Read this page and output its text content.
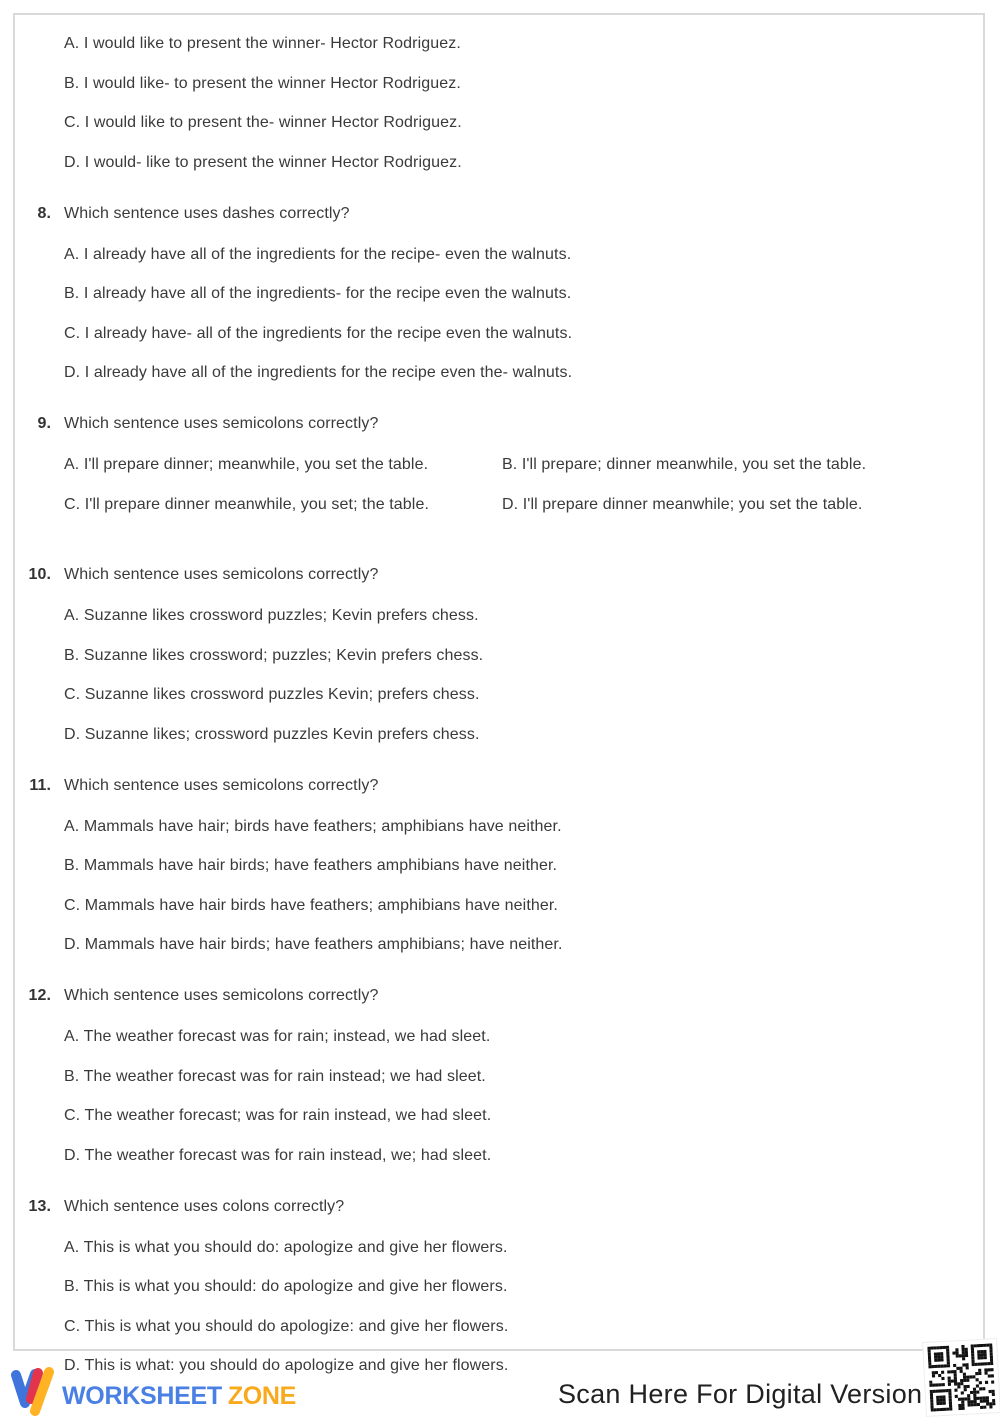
A. I would like to present the winner- Hector Rodriguez.
B. I would like- to present the winner Hector Rodriguez.
C. I would like to present the- winner Hector Rodriguez.
D. I would- like to present the winner Hector Rodriguez.
8. Which sentence uses dashes correctly?
A. I already have all of the ingredients for the recipe- even the walnuts.
B. I already have all of the ingredients- for the recipe even the walnuts.
C. I already have- all of the ingredients for the recipe even the walnuts.
D. I already have all of the ingredients for the recipe even the- walnuts.
9. Which sentence uses semicolons correctly?
A. I'll prepare dinner; meanwhile, you set the table.	B. I'll prepare; dinner meanwhile, you set the table.
C. I'll prepare dinner meanwhile, you set; the table.	D. I'll prepare dinner meanwhile; you set the table.
10. Which sentence uses semicolons correctly?
A. Suzanne likes crossword puzzles; Kevin prefers chess.
B. Suzanne likes crossword; puzzles; Kevin prefers chess.
C. Suzanne likes crossword puzzles Kevin; prefers chess.
D. Suzanne likes; crossword puzzles Kevin prefers chess.
11. Which sentence uses semicolons correctly?
A. Mammals have hair; birds have feathers; amphibians have neither.
B. Mammals have hair birds; have feathers amphibians have neither.
C. Mammals have hair birds have feathers; amphibians have neither.
D. Mammals have hair birds; have feathers amphibians; have neither.
12. Which sentence uses semicolons correctly?
A. The weather forecast was for rain; instead, we had sleet.
B. The weather forecast was for rain instead; we had sleet.
C. The weather forecast; was for rain instead, we had sleet.
D. The weather forecast was for rain instead, we; had sleet.
13. Which sentence uses colons correctly?
A. This is what you should do: apologize and give her flowers.
B. This is what you should: do apologize and give her flowers.
C. This is what you should do apologize: and give her flowers.
D. This is what: you should do apologize and give her flowers.
WORKSHEET ZONE	Scan Here For Digital Version
